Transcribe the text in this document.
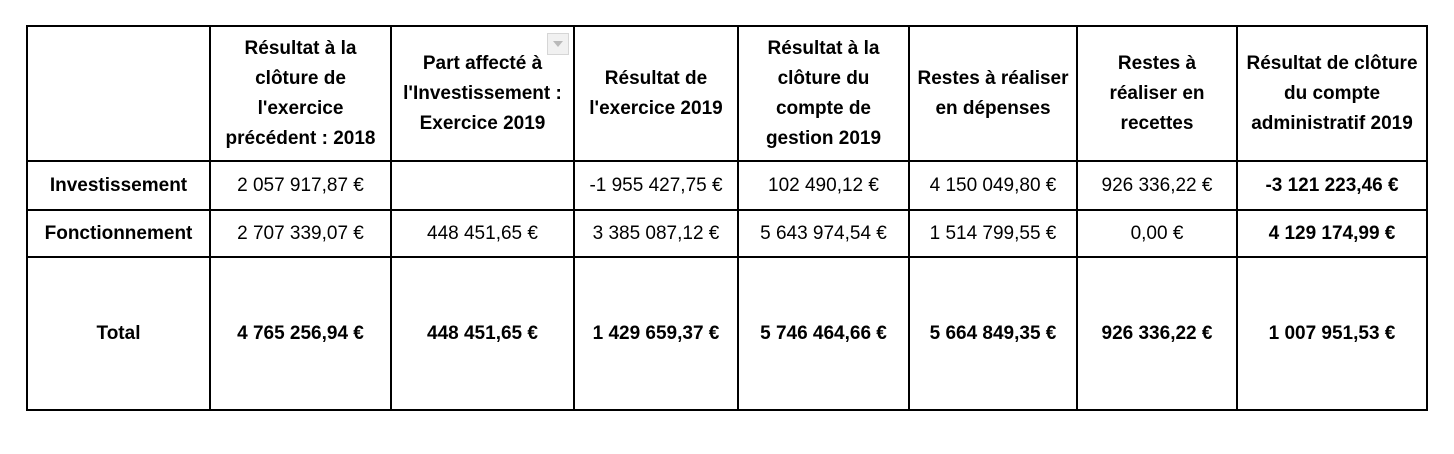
	Résultat à la clôture de l'exercice précédent : 2018	Part affecté à l'Investissement : Exercice 2019	Résultat de l'exercice 2019	Résultat à la clôture du compte de gestion 2019	Restes à réaliser en dépenses	Restes à réaliser en recettes	Résultat de clôture du compte administratif 2019
Investissement	2 057 917,87 €		-1 955 427,75 €	102 490,12 €	4 150 049,80 €	926 336,22 €	-3 121 223,46 €
Fonctionnement	2 707 339,07 €	448 451,65 €	3 385 087,12 €	5 643 974,54 €	1 514 799,55 €	0,00 €	4 129 174,99 €
Total	4 765 256,94 €	448 451,65 €	1 429 659,37 €	5 746 464,66 €	5 664 849,35 €	926 336,22 €	1 007 951,53 €
